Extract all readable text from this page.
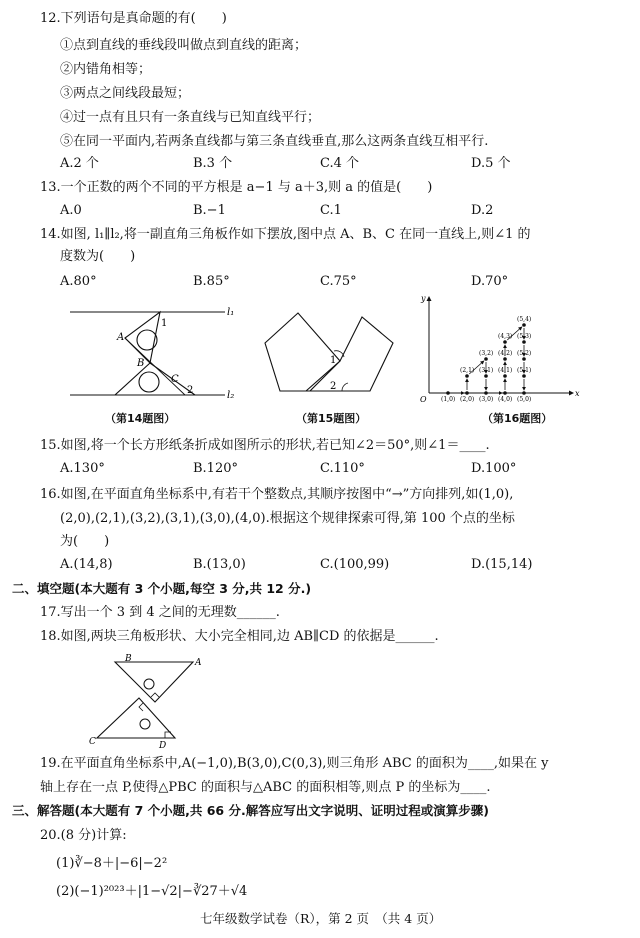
12.下列语句是真命题的有(　　)
①点到直线的垂线段叫做点到直线的距离；
②内错角相等；
③两点之间线段最短；
④过一点有且只有一条直线与已知直线平行；
⑤在同一平面内,若两条直线都与第三条直线垂直,那么这两条直线互相平行.
A.2 个	B.3 个	C.4 个	D.5 个
13.一个正数的两个不同的平方根是 a−1 与 a＋3,则 a 的值是(　　)
A.0	B.−1	C.1	D.2
14.如图, l₁∥l₂,将一副直角三角板作如下摆放,图中点 A、B、C 在同一直线上,则∠1 的
度数为(　　)
A.80°	B.85°	C.75°	D.70°
A
B
C
1
2
l₁
l₂
（第14题图）
1
2
（第15题图）
x
y
O (1,0) (2,0)
(2,1)
(3,2)
(3,1)
(3,0) (4,0)
(4,1)
(4,2)
(4,3)
(5,4)
(5,3)
(5,2)
(5,1)
(5,0)
（第16题图）
15.如图,将一个长方形纸条折成如图所示的形状,若已知∠2＝50°,则∠1＝____.
A.130°	B.120°	C.110°	D.100°
16.如图,在平面直角坐标系中,有若干个整数点,其顺序按图中“→”方向排列,如(1,0),
(2,0),(2,1),(3,2),(3,1),(3,0),(4,0).根据这个规律探索可得,第 100 个点的坐标
为(　　)
A.(14,8)	B.(13,0)	C.(100,99)	D.(15,14)
二、填空题(本大题有 3 个小题,每空 3 分,共 12 分.)
17.写出一个 3 到 4 之间的无理数______.
18.如图,两块三角板形状、大小完全相同,边 AB∥CD 的依据是______.
B	A
C	D
19.在平面直角坐标系中,A(−1,0),B(3,0),C(0,3),则三角形 ABC 的面积为____,如果在 y
轴上存在一点 P,使得△PBC 的面积与△ABC 的面积相等,则点 P 的坐标为____.
三、解答题(本大题有 7 个小题,共 66 分.解答应写出文字说明、证明过程或演算步骤)
20.(8 分)计算:
(1)∛−8＋|−6|−2²
(2)(−1)²⁰²³＋|1−√2|−∛27＋√4
七年级数学试卷（R），第 2 页　（共 4 页）
